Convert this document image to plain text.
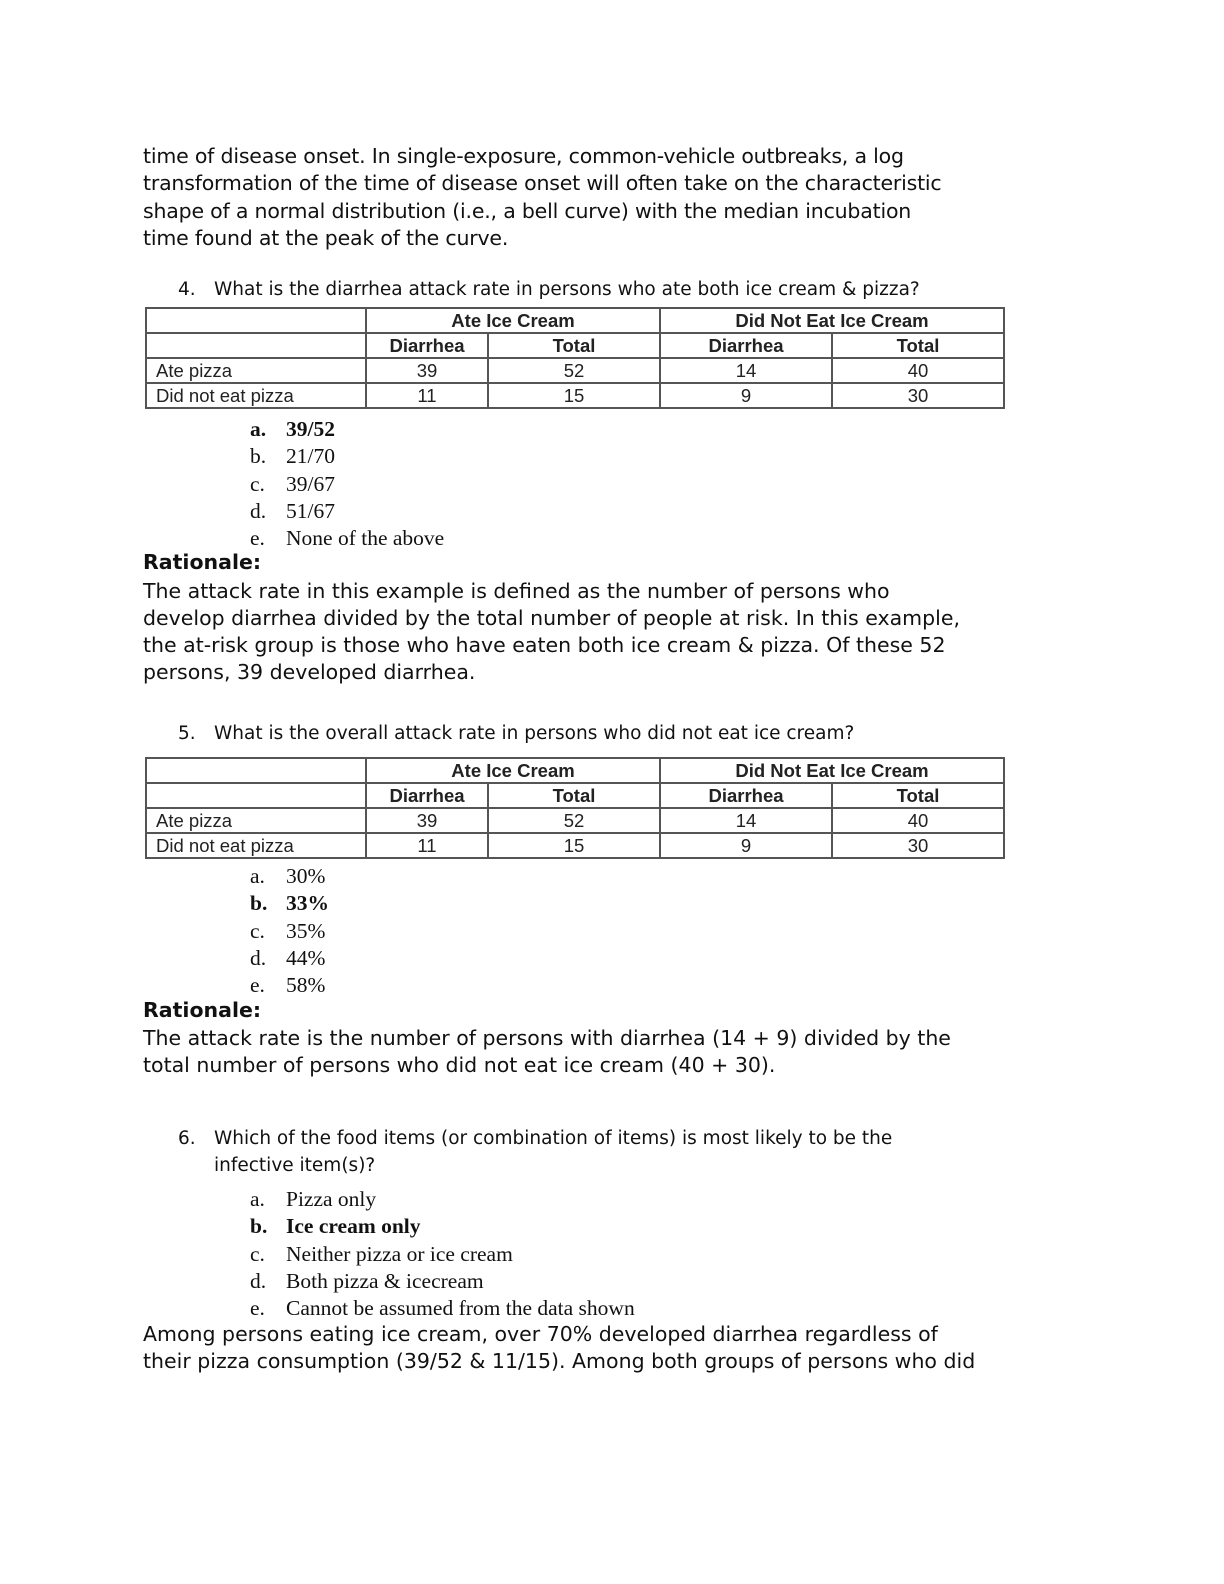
time of disease onset. In single-exposure, common-vehicle outbreaks, a log

transformation of the time of disease onset will often take on the characteristic

shape of a normal distribution (i.e., a bell curve) with the median incubation

time found at the peak of the curve.

4. What is the diarrhea attack rate in persons who ate both ice cream & pizza?
	Ate Ice Cream		Did Not Eat Ice Cream	
	Diarrhea	Total	Diarrhea	Total
Ate pizza	39	52	14	40
Did not eat pizza	11	15	9	30
a. 39/52
b. 21/70
c. 39/67
d. 51/67
e. None of the above
Rationale:

The attack rate in this example is defined as the number of persons who

develop diarrhea divided by the total number of people at risk. In this example,

the at-risk group is those who have eaten both ice cream & pizza. Of these 52

persons, 39 developed diarrhea.

5. What is the overall attack rate in persons who did not eat ice cream?
	Ate Ice Cream		Did Not Eat Ice Cream	
	Diarrhea	Total	Diarrhea	Total
Ate pizza	39	52	14	40
Did not eat pizza	11	15	9	30
a. 30%
b. 33%
c. 35%
d. 44%
e. 58%
Rationale:

The attack rate is the number of persons with diarrhea (14 + 9) divided by the

total number of persons who did not eat ice cream (40 + 30).

6. Which of the food items (or combination of items) is most likely to be the
infective item(s)?
a. Pizza only
b. Ice cream only
c. Neither pizza or ice cream
d. Both pizza & icecream
e. Cannot be assumed from the data shown

Among persons eating ice cream, over 70% developed diarrhea regardless of

their pizza consumption (39/52 & 11/15). Among both groups of persons who did
